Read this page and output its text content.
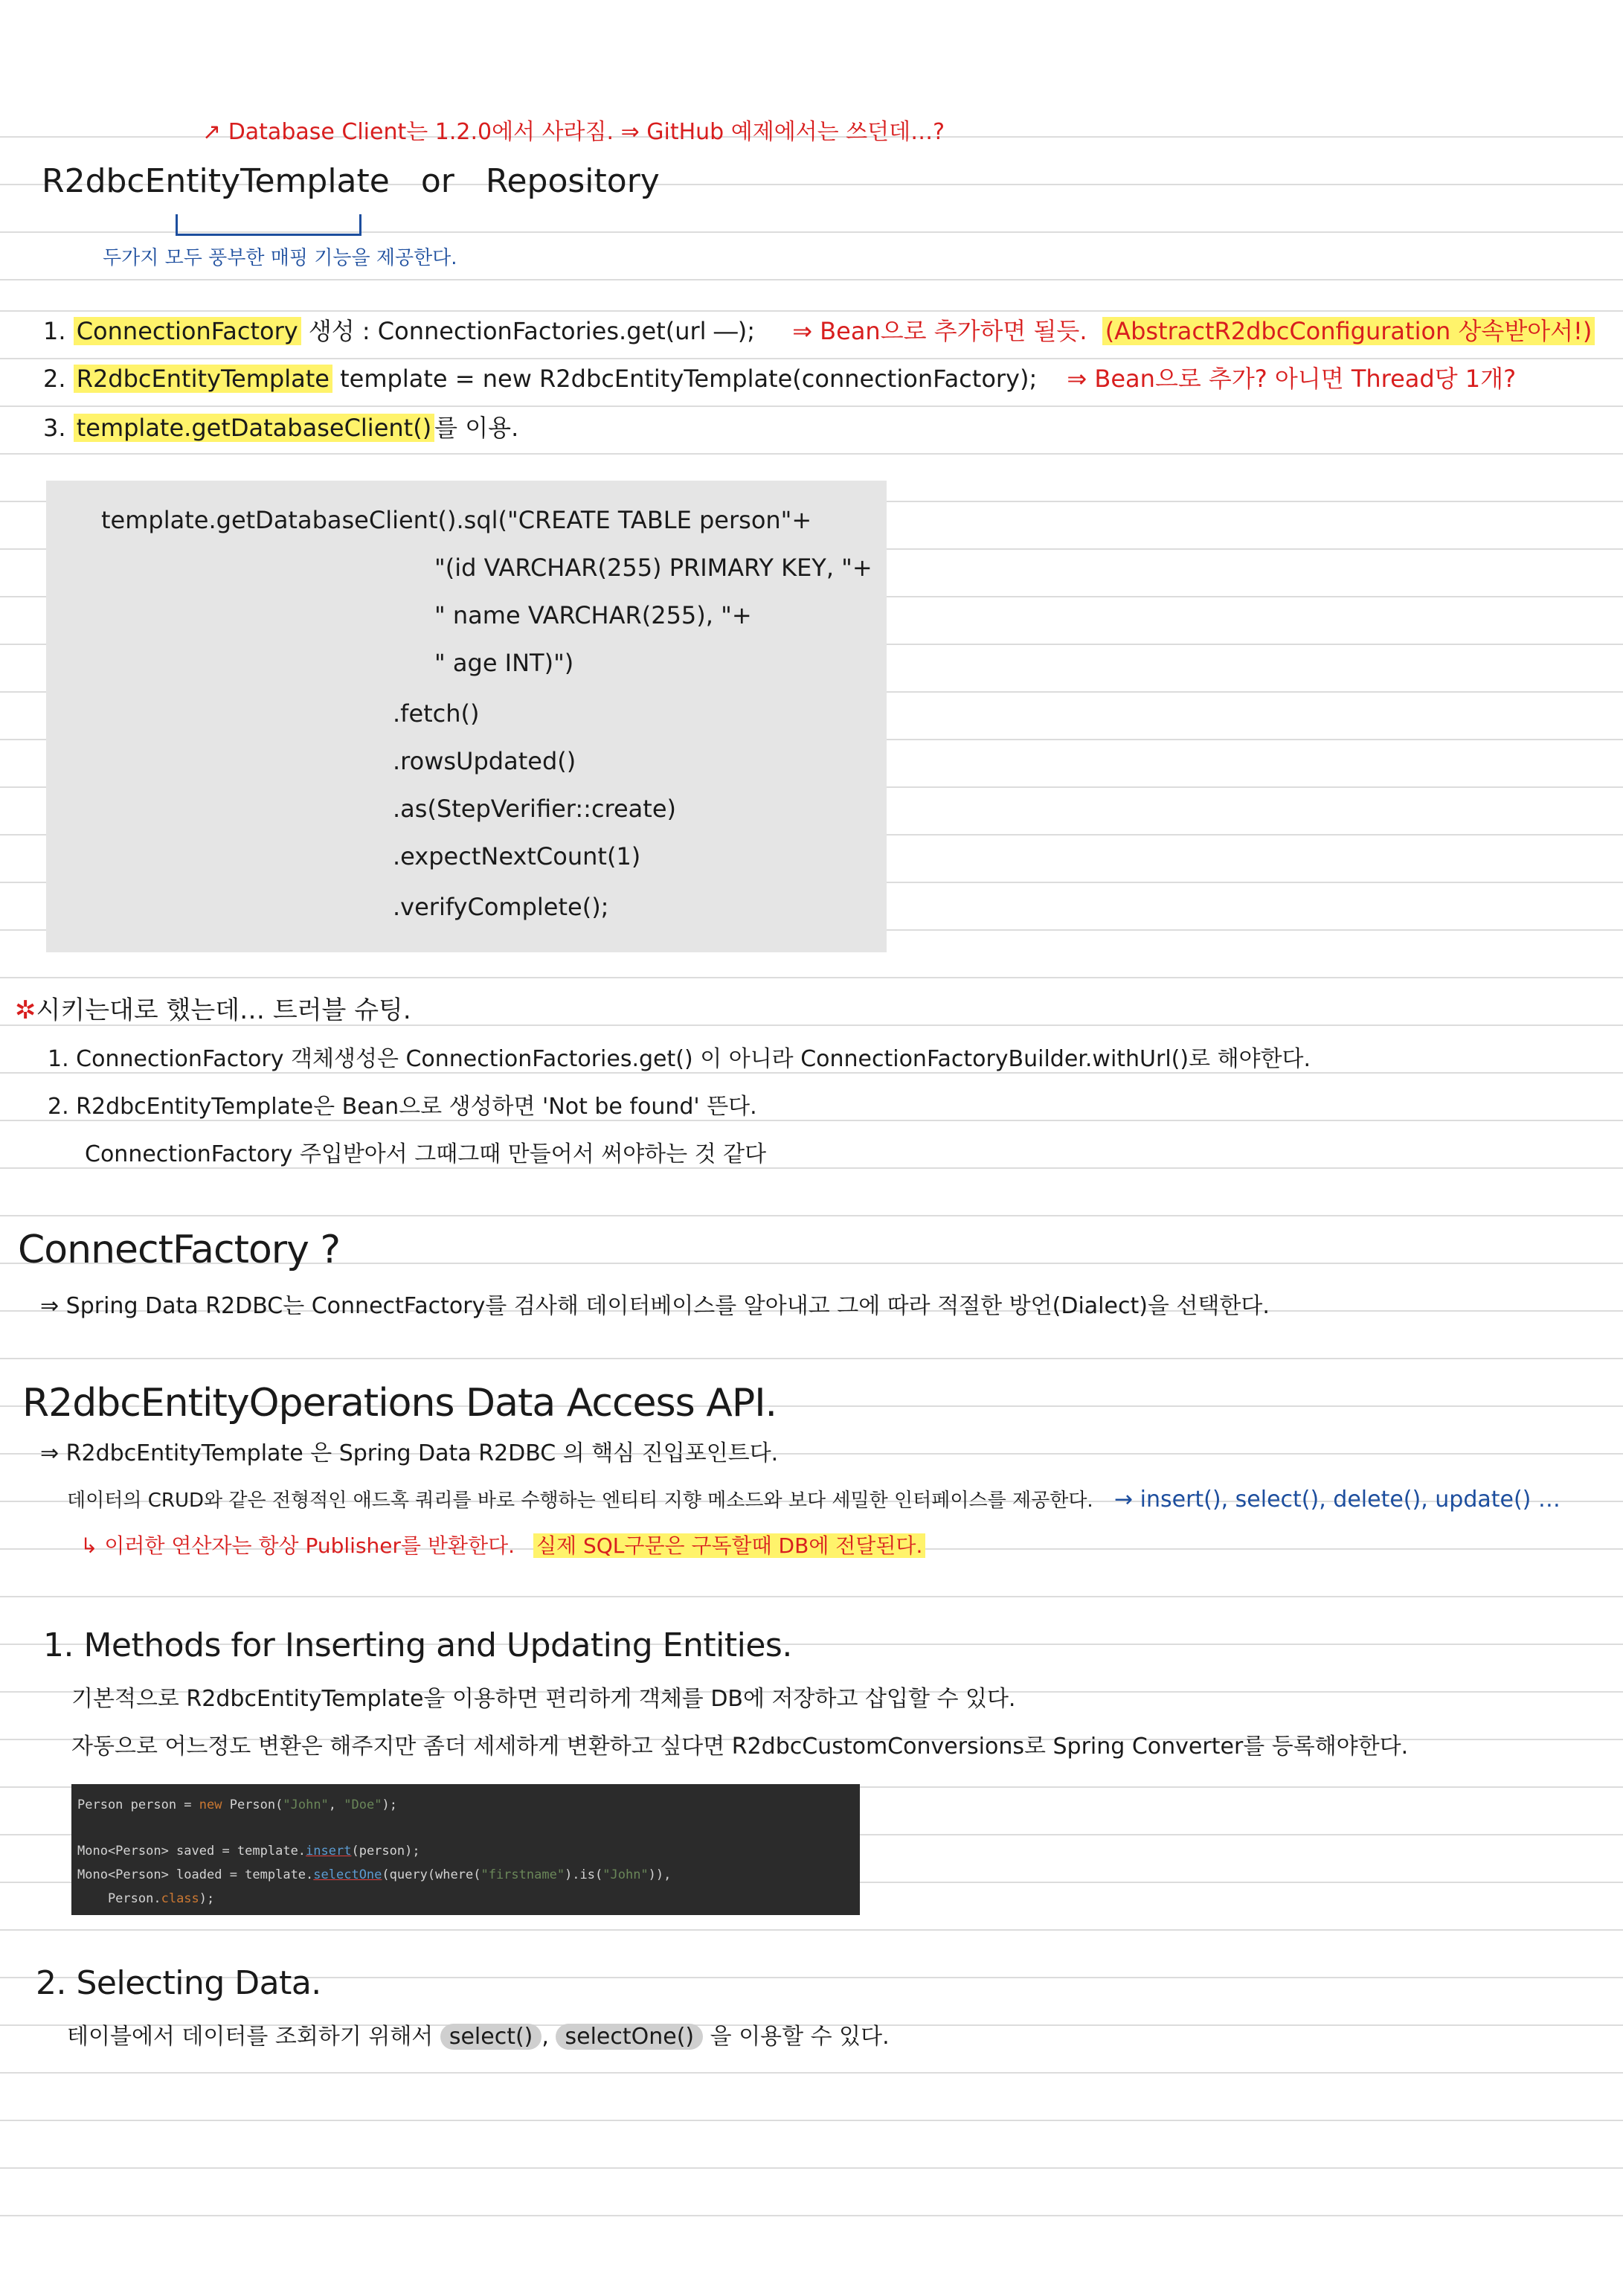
↗ Database Client는 1.2.0에서 사라짐. ⇒ GitHub 예제에서는 쓰던데…?
R2dbcEntityTemplate or Repository
두가지 모두 풍부한 매핑 기능을 제공한다.
1. ConnectionFactory 생성 : ConnectionFactories.get(url ―); ⇒ Bean으로 추가하면 될듯. (AbstractR2dbcConfiguration 상속받아서!)
2. R2dbcEntityTemplate template = new R2dbcEntityTemplate(connectionFactory); ⇒ Bean으로 추가? 아니면 Thread당 1개?
3. template.getDatabaseClient() 를 이용.
template.getDatabaseClient().sql("CREATE TABLE person"+
"(id VARCHAR(255) PRIMARY KEY, "+
" name VARCHAR(255), "+
" age INT)")
.fetch()
.rowsUpdated()
.as(StepVerifier::create)
.expectNextCount(1)
.verifyComplete();
✲시키는대로 했는데… 트러블 슈팅.
1. ConnectionFactory 객체생성은 ConnectionFactories.get() 이 아니라 ConnectionFactoryBuilder.withUrl()로 해야한다.
2. R2dbcEntityTemplate은 Bean으로 생성하면 'Not be found' 뜬다.
ConnectionFactory 주입받아서 그때그때 만들어서 써야하는 것 같다
ConnectFactory ?
⇒ Spring Data R2DBC는 ConnectFactory를 검사해 데이터베이스를 알아내고 그에 따라 적절한 방언(Dialect)을 선택한다.
R2dbcEntityOperations Data Access API.
⇒ R2dbcEntityTemplate 은 Spring Data R2DBC 의 핵심 진입포인트다.
데이터의 CRUD와 같은 전형적인 애드혹 쿼리를 바로 수행하는 엔티티 지향 메소드와 보다 세밀한 인터페이스를 제공한다. → insert(), select(), delete(), update() …
↳ 이러한 연산자는 항상 Publisher를 반환한다. 실제 SQL구문은 구독할때 DB에 전달된다.
1. Methods for Inserting and Updating Entities.
기본적으로 R2dbcEntityTemplate을 이용하면 편리하게 객체를 DB에 저장하고 삽입할 수 있다.
자동으로 어느정도 변환은 해주지만 좀더 세세하게 변환하고 싶다면 R2dbcCustomConversions로 Spring Converter를 등록해야한다.
Person person = new Person("John", "Doe");
Mono<Person> saved = template.insert(person);
Mono<Person> loaded = template.selectOne(query(where("firstname").is("John")),
Person.class);
2. Selecting Data.
테이블에서 데이터를 조회하기 위해서 select() , selectOne() 을 이용할 수 있다.
